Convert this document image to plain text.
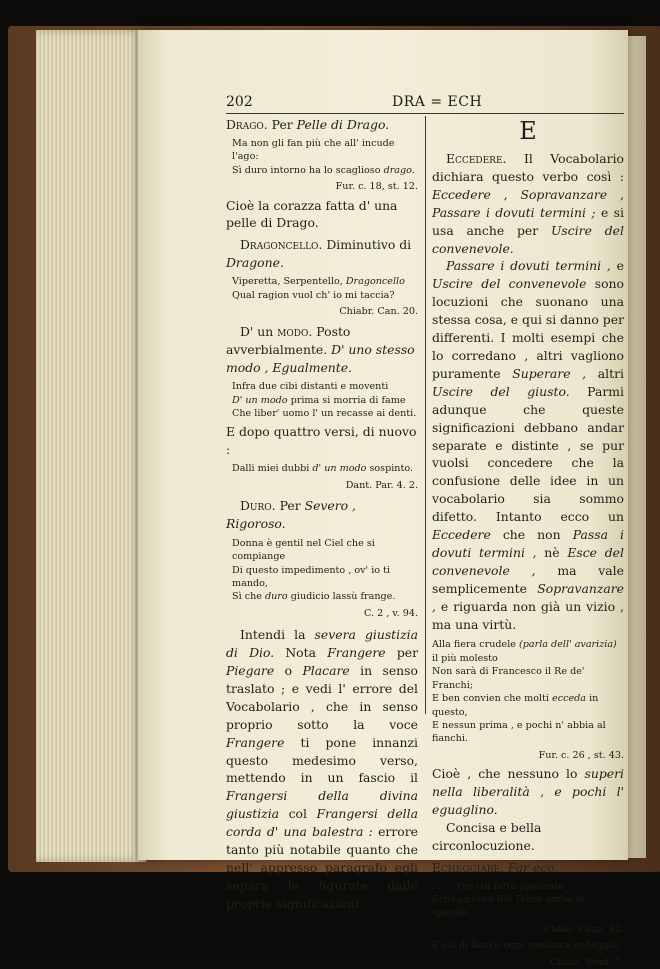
202	DRA = ECH

Drago. Per Pelle di Drago.

Ma non gli fan più che all' incude l'ago:
Sì duro intorno ha lo scaglioso drago.
Fur. c. 18, st. 12.

Cioè la corazza fatta d' una pelle di Drago.

Dragoncello. Diminutivo di Dragone.

Viperetta, Serpentello, Dragoncello
Qual ragion vuol ch' io mi taccia?
Chiabr. Can. 20.

D' un modo. Posto avverbialmente. D' uno stesso modo , Egualmente.

Infra due cibi distanti e moventi
D' un modo prima si morria di fame
Che liber' uomo l' un recasse ai denti.

E dopo quattro versi, di nuovo :

Dalli miei dubbi d' un modo sospinto.
Dant. Par. 4. 2.

Duro. Per Severo , Rigoroso.

Donna è gentil nel Ciel che si compiange
Di questo impedimento , ov' io ti mando,
Sì che duro giudicio lassù frange.
C. 2 , v. 94.

Intendi la severa giustizia di Dio. Nota Frangere per Piegare o Placare in senso traslato ; e vedi l' errore del Vocabolario , che in senso proprio sotto la voce Frangere ti pone innanzi questo medesimo verso, mettendo in un fascio il Frangersi della divina giustizia col Frangersi della corda d' una balestra : errore tanto più notabile quanto che nell' appresso paragrafo egli separa le figurate dalle proprie significazioni.

E

Eccedere. Il Vocabolario dichiara questo verbo così : Eccedere , Sopravanzare , Passare i dovuti termini ; e si usa anche per Uscire del convenevole.

Passare i dovuti termini , e Uscire del convenevole sono locuzioni che suonano una stessa cosa, e qui si danno per differenti. I molti esempi che lo corredano , altri vagliono puramente Superare , altri Uscire del giusto. Parmi adunque che queste significazioni debbano andar separate e distinte , se pur vuolsi concedere che la confusione delle idee in un vocabolario sia sommo difetto. Intanto ecco un Eccedere che non Passa i dovuti termini , nè Esce del convenevole , ma vale semplicemente Sopravanzare , e riguarda non già un vizio , ma una virtù.

Alla fiera crudele (parla dell' avarizia) il più molesto
Non sarà di Francesco il Re de' Franchi;
E ben convien che molti ecceda in questo,
E nessun prima , e pochi n' abbia al fianchi.
Fur. c. 26 , st. 43.

Cioè , che nessuno lo superi nella liberalità , e pochi l' eguaglino.

Concisa e bella circonlocuzione.

Echeggiare. Far eco.

. . . . Per cui fatte gioconde
Echeggieran del Tebro ambe le sponde.
Chiab. Canz. 82.
E sol di Bacco ogni spelonca echeggia.
Chiab. Vend. 7.
